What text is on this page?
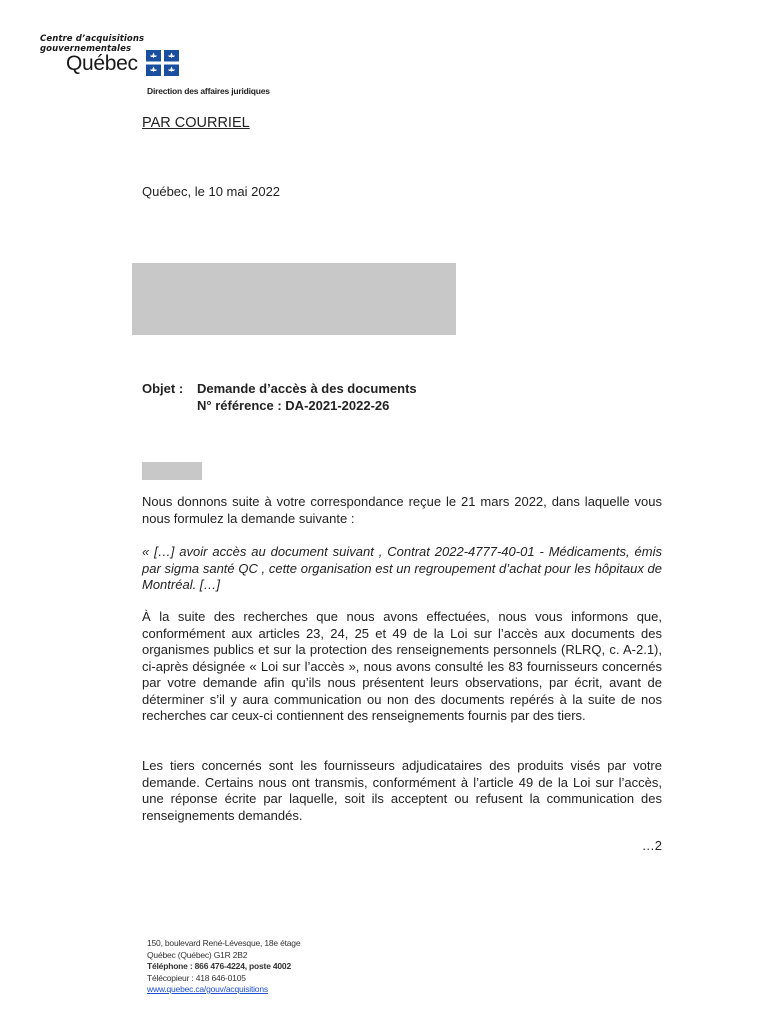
Centre d’acquisitions
gouvernementales
Québec
Direction des affaires juridiques
PAR COURRIEL
Québec, le 10 mai 2022
Objet :	Demande d’accès à des documents
N° référence : DA-2021-2022-26
Nous donnons suite à votre correspondance reçue le 21 mars 2022, dans laquelle vous nous formulez la demande suivante :
« […] avoir accès au document suivant , Contrat 2022-4777-40-01 - Médicaments, émis par sigma santé QC , cette organisation est un regroupement d’achat pour les hôpitaux de Montréal. […]
À la suite des recherches que nous avons effectuées, nous vous informons que, conformément aux articles 23, 24, 25 et 49 de la Loi sur l’accès aux documents des organismes publics et sur la protection des renseignements personnels (RLRQ, c. A-2.1), ci-après désignée « Loi sur l’accès », nous avons consulté les 83 fournisseurs concernés par votre demande afin qu’ils nous présentent leurs observations, par écrit, avant de déterminer s’il y aura communication ou non des documents repérés à la suite de nos recherches car ceux-ci contiennent des renseignements fournis par des tiers.
Les tiers concernés sont les fournisseurs adjudicataires des produits visés par votre demande. Certains nous ont transmis, conformément à l’article 49 de la Loi sur l’accès, une réponse écrite par laquelle, soit ils acceptent ou refusent la communication des renseignements demandés.
…2
150, boulevard René-Lévesque, 18e étage
Québec (Québec) G1R 2B2
Téléphone : 866 476-4224, poste 4002
Télécopieur : 418 646-0105
www.quebec.ca/gouv/acquisitions
